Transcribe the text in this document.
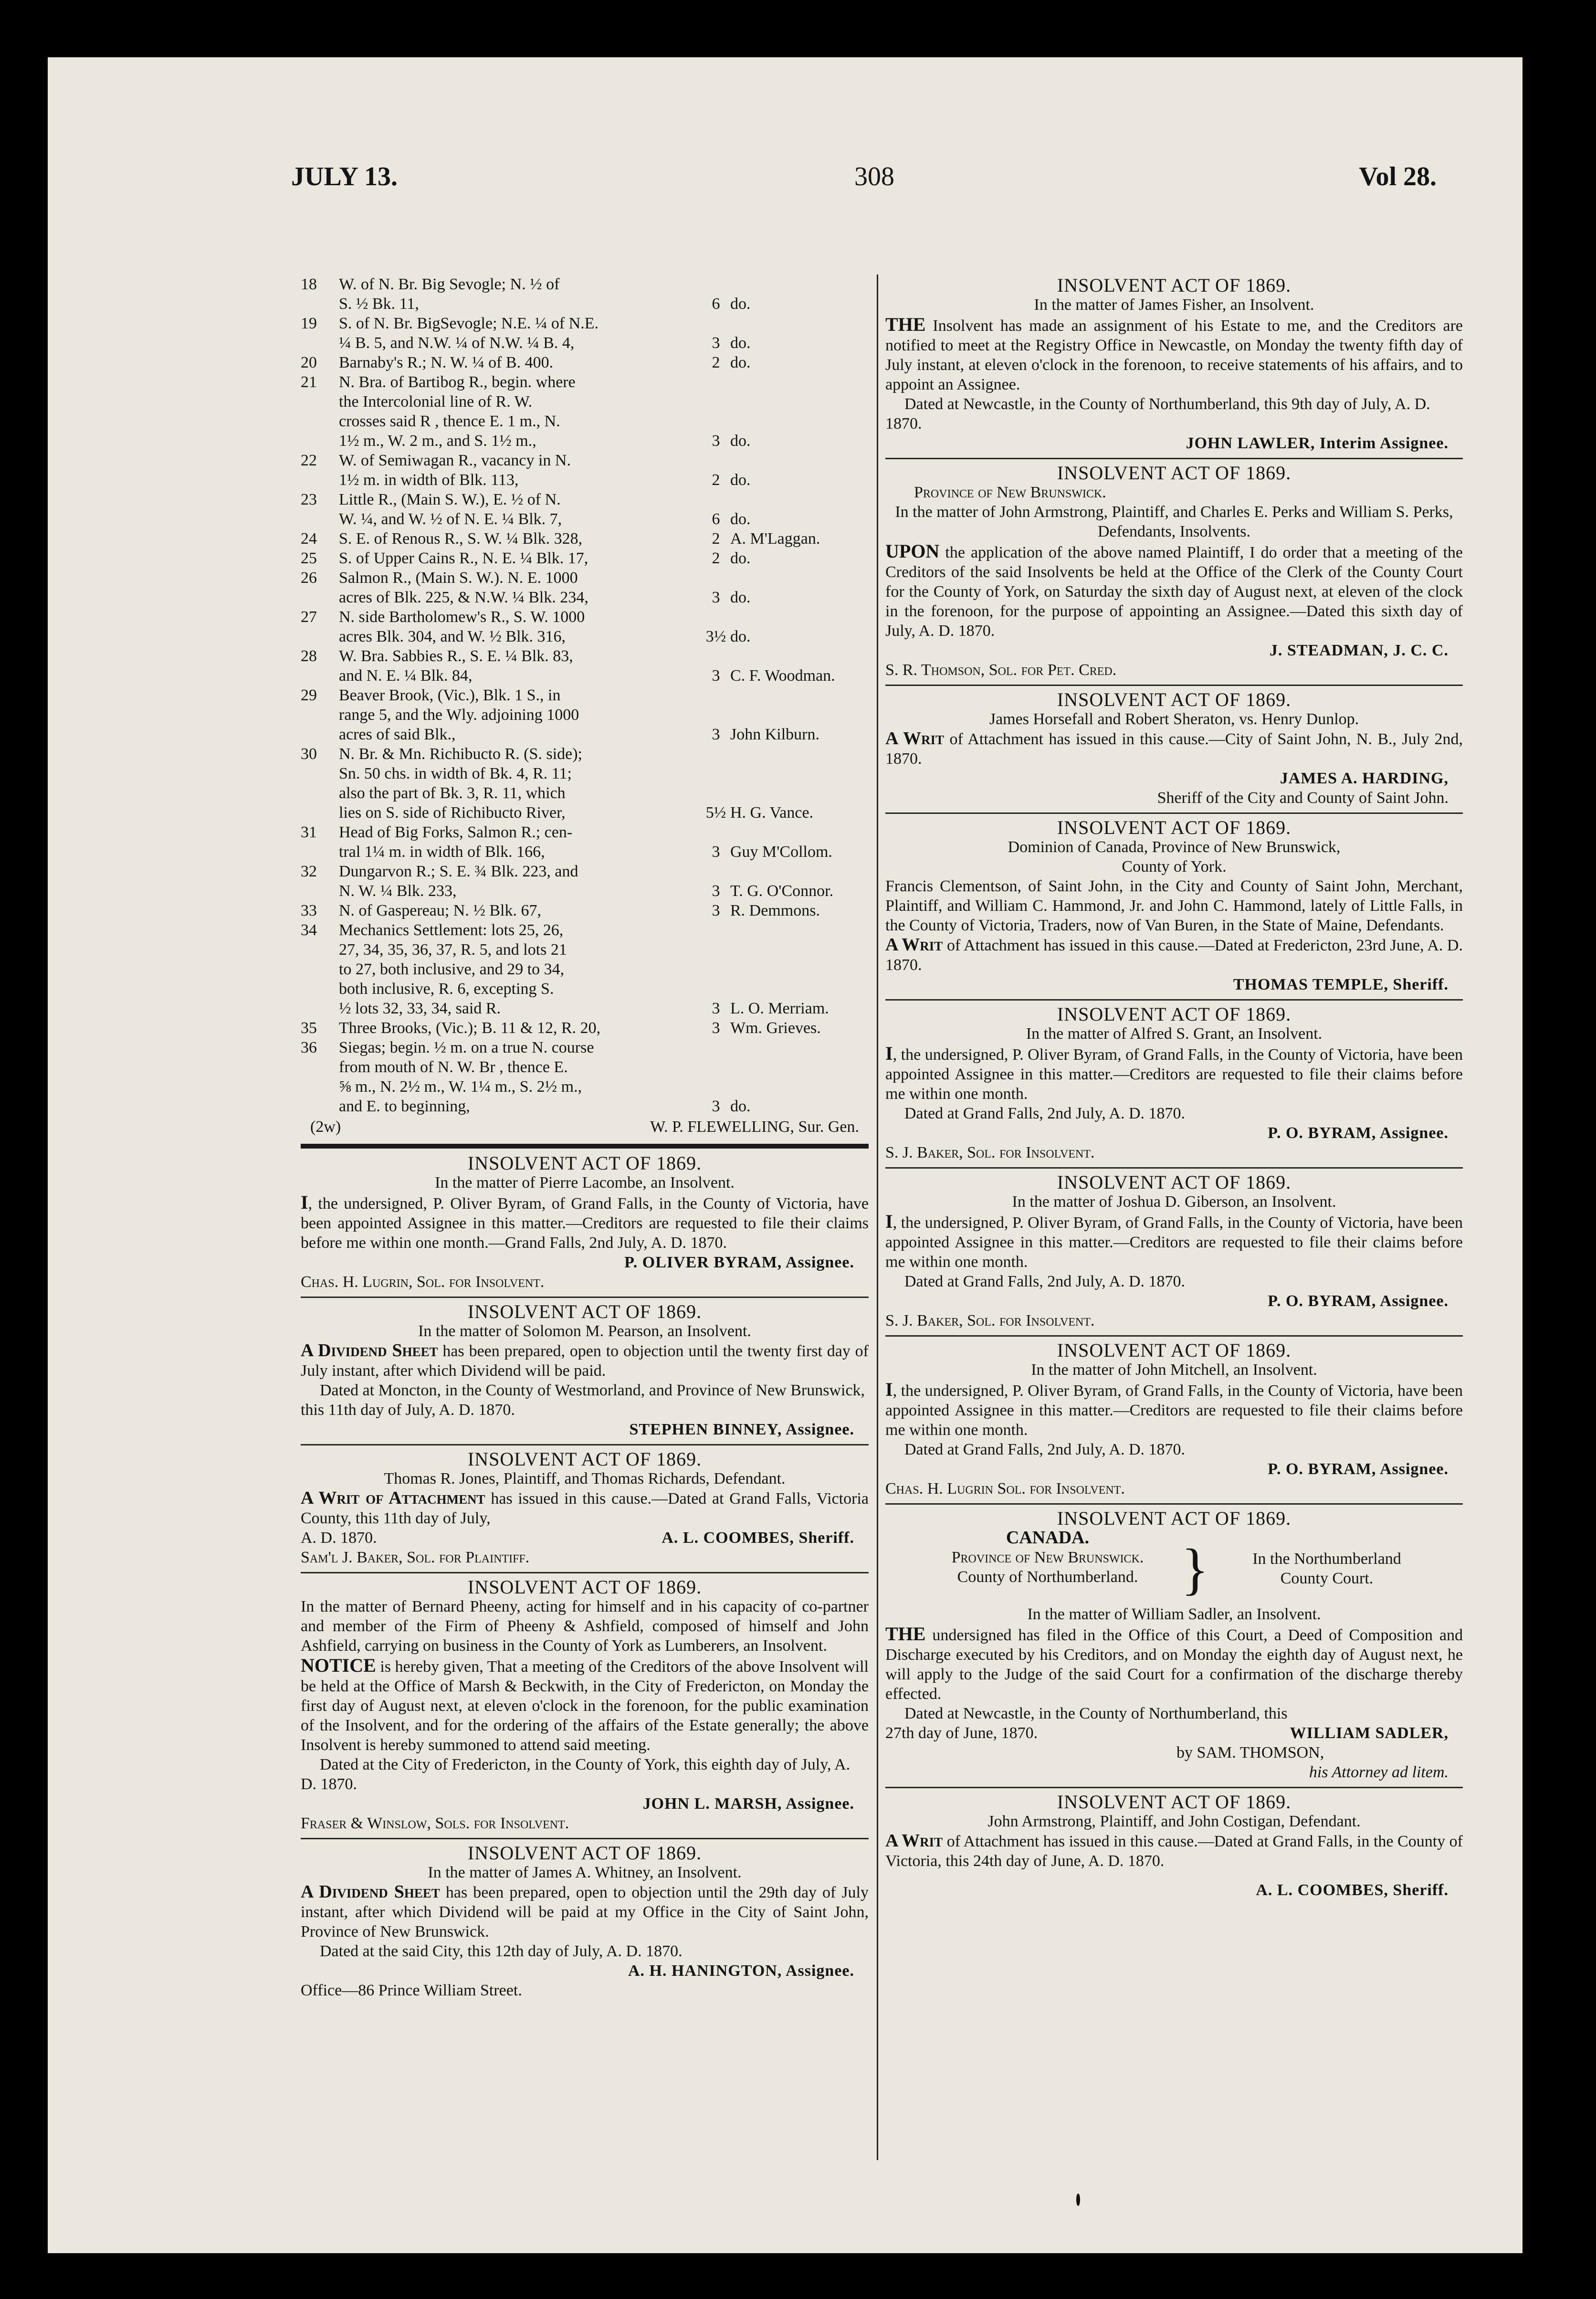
JULY 13.	308	Vol 28.
18	W. of N. Br. Big Sevogle; N. ½ of
S. ½ Bk. 11,	6 do.
19	S. of N. Br. BigSevogle; N.E. ¼ of N.E.
¼ B. 5, and N.W. ¼ of N.W. ¼ B. 4,	3 do.
20	Barnaby's R.; N. W. ¼ of B. 400.	2 do.
21	N. Bra. of Bartibog R., begin. where
the Intercolonial line of R. W.
crosses said R , thence E. 1 m., N.
1½ m., W. 2 m., and S. 1½ m.,	3 do.
22	W. of Semiwagan R., vacancy in N.
1½ m. in width of Blk. 113,	2 do.
23	Little R., (Main S. W.), E. ½ of N.
W. ¼, and W. ½ of N. E. ¼ Blk. 7,	6 do.
24	S. E. of Renous R., S. W. ¼ Blk. 328,	2 A. M'Laggan.
25	S. of Upper Cains R., N. E. ¼ Blk. 17,	2 do.
26	Salmon R., (Main S. W.). N. E. 1000
acres of Blk. 225, & N.W. ¼ Blk. 234,	3 do.
27	N. side Bartholomew's R., S. W. 1000
acres Blk. 304, and W. ½ Blk. 316,	3½ do.
28	W. Bra. Sabbies R., S. E. ¼ Blk. 83,
and N. E. ¼ Blk. 84,	3 C. F. Woodman.
29	Beaver Brook, (Vic.), Blk. 1 S., in
range 5, and the Wly. adjoining 1000
acres of said Blk.,	3 John Kilburn.
30	N. Br. & Mn. Richibucto R. (S. side);
Sn. 50 chs. in width of Bk. 4, R. 11;
also the part of Bk. 3, R. 11, which
lies on S. side of Richibucto River,	5½ H. G. Vance.
31	Head of Big Forks, Salmon R.; cen-
tral 1¼ m. in width of Blk. 166,	3 Guy M'Collom.
32	Dungarvon R.; S. E. ¾ Blk. 223, and
N. W. ¼ Blk. 233,	3 T. G. O'Connor.
33	N. of Gaspereau; N. ½ Blk. 67,	3 R. Demmons.
34	Mechanics Settlement: lots 25, 26,
27, 34, 35, 36, 37, R. 5, and lots 21
to 27, both inclusive, and 29 to 34,
both inclusive, R. 6, excepting S.
½ lots 32, 33, 34, said R.	3 L. O. Merriam.
35	Three Brooks, (Vic.); B. 11 & 12, R. 20,	3 Wm. Grieves.
36	Siegas; begin. ½ m. on a true N. course
from mouth of N. W. Br , thence E.
⅝ m., N. 2½ m., W. 1¼ m., S. 2½ m.,
and E. to beginning,	3 do.
(2w)	W. P. FLEWELLING, Sur. Gen.
INSOLVENT ACT OF 1869.
In the matter of Pierre Lacombe, an Insolvent.
I, the undersigned, P. Oliver Byram, of Grand Falls, in the County of Victoria, have been appointed Assignee in this matter.—Creditors are requested to file their claims before me within one month.—Grand Falls, 2nd July, A. D. 1870.
P. OLIVER BYRAM, Assignee.
Chas. H. Lugrin, Sol. for Insolvent.
INSOLVENT ACT OF 1869.
In the matter of Solomon M. Pearson, an Insolvent.
A Dividend Sheet has been prepared, open to objection until the twenty first day of July instant, after which Dividend will be paid.
Dated at Moncton, in the County of Westmorland, and Province of New Brunswick, this 11th day of July, A. D. 1870.
STEPHEN BINNEY, Assignee.
INSOLVENT ACT OF 1869.
Thomas R. Jones, Plaintiff, and Thomas Richards, Defendant.
A Writ of Attachment has issued in this cause.—Dated at Grand Falls, Victoria County, this 11th day of July,
A. D. 1870.	A. L. COOMBES, Sheriff.
Sam'l J. Baker, Sol. for Plaintiff.
INSOLVENT ACT OF 1869.
In the matter of Bernard Pheeny, acting for himself and in his capacity of co-partner and member of the Firm of Pheeny & Ashfield, composed of himself and John Ashfield, carrying on business in the County of York as Lumberers, an Insolvent.
NOTICE is hereby given, That a meeting of the Creditors of the above Insolvent will be held at the Office of Marsh & Beckwith, in the City of Fredericton, on Monday the first day of August next, at eleven o'clock in the forenoon, for the public examination of the Insolvent, and for the ordering of the affairs of the Estate generally; the above Insolvent is hereby summoned to attend said meeting.
Dated at the City of Fredericton, in the County of York, this eighth day of July, A. D. 1870.
JOHN L. MARSH, Assignee.
Fraser & Winslow, Sols. for Insolvent.
INSOLVENT ACT OF 1869.
In the matter of James A. Whitney, an Insolvent.
A Dividend Sheet has been prepared, open to objection until the 29th day of July instant, after which Dividend will be paid at my Office in the City of Saint John, Province of New Brunswick.
Dated at the said City, this 12th day of July, A. D. 1870.
A. H. HANINGTON, Assignee.
Office—86 Prince William Street.
INSOLVENT ACT OF 1869.
In the matter of James Fisher, an Insolvent.
THE Insolvent has made an assignment of his Estate to me, and the Creditors are notified to meet at the Registry Office in Newcastle, on Monday the twenty fifth day of July instant, at eleven o'clock in the forenoon, to receive statements of his affairs, and to appoint an Assignee.
Dated at Newcastle, in the County of Northumberland, this 9th day of July, A. D. 1870.
JOHN LAWLER, Interim Assignee.
INSOLVENT ACT OF 1869.
Province of New Brunswick.
In the matter of John Armstrong, Plaintiff, and Charles E. Perks and William S. Perks, Defendants, Insolvents.
UPON the application of the above named Plaintiff, I do order that a meeting of the Creditors of the said Insolvents be held at the Office of the Clerk of the County Court for the County of York, on Saturday the sixth day of August next, at eleven of the clock in the forenoon, for the purpose of appointing an Assignee.—Dated this sixth day of July, A. D. 1870.
J. STEADMAN, J. C. C.
S. R. Thomson, Sol. for Pet. Cred.
INSOLVENT ACT OF 1869.
James Horsefall and Robert Sheraton, vs. Henry Dunlop.
A Writ of Attachment has issued in this cause.—City of Saint John, N. B., July 2nd, 1870.
JAMES A. HARDING,
Sheriff of the City and County of Saint John.
INSOLVENT ACT OF 1869.
Dominion of Canada, Province of New Brunswick,
County of York.
Francis Clementson, of Saint John, in the City and County of Saint John, Merchant, Plaintiff, and William C. Hammond, Jr. and John C. Hammond, lately of Little Falls, in the County of Victoria, Traders, now of Van Buren, in the State of Maine, Defendants.
A Writ of Attachment has issued in this cause.—Dated at Fredericton, 23rd June, A. D. 1870.
THOMAS TEMPLE, Sheriff.
INSOLVENT ACT OF 1869.
In the matter of Alfred S. Grant, an Insolvent.
I, the undersigned, P. Oliver Byram, of Grand Falls, in the County of Victoria, have been appointed Assignee in this matter.—Creditors are requested to file their claims before me within one month.
Dated at Grand Falls, 2nd July, A. D. 1870.
P. O. BYRAM, Assignee.
S. J. Baker, Sol. for Insolvent.
INSOLVENT ACT OF 1869.
In the matter of Joshua D. Giberson, an Insolvent.
I, the undersigned, P. Oliver Byram, of Grand Falls, in the County of Victoria, have been appointed Assignee in this matter.—Creditors are requested to file their claims before me within one month.
Dated at Grand Falls, 2nd July, A. D. 1870.
P. O. BYRAM, Assignee.
S. J. Baker, Sol. for Insolvent.
INSOLVENT ACT OF 1869.
In the matter of John Mitchell, an Insolvent.
I, the undersigned, P. Oliver Byram, of Grand Falls, in the County of Victoria, have been appointed Assignee in this matter.—Creditors are requested to file their claims before me within one month.
Dated at Grand Falls, 2nd July, A. D. 1870.
P. O. BYRAM, Assignee.
Chas. H. Lugrin Sol. for Insolvent.
INSOLVENT ACT OF 1869.
CANADA.
Province of New Brunswick.
County of Northumberland. }	In the Northumberland
County Court.
In the matter of William Sadler, an Insolvent.
THE undersigned has filed in the Office of this Court, a Deed of Composition and Discharge executed by his Creditors, and on Monday the eighth day of August next, he will apply to the Judge of the said Court for a confirmation of the discharge thereby effected.
Dated at Newcastle, in the County of Northumberland, this
27th day of June, 1870.	WILLIAM SADLER,
by SAM. THOMSON,
his Attorney ad litem.
INSOLVENT ACT OF 1869.
John Armstrong, Plaintiff, and John Costigan, Defendant.
A Writ of Attachment has issued in this cause.—Dated at Grand Falls, in the County of Victoria, this 24th day of June, A. D. 1870.
A. L. COOMBES, Sheriff.
